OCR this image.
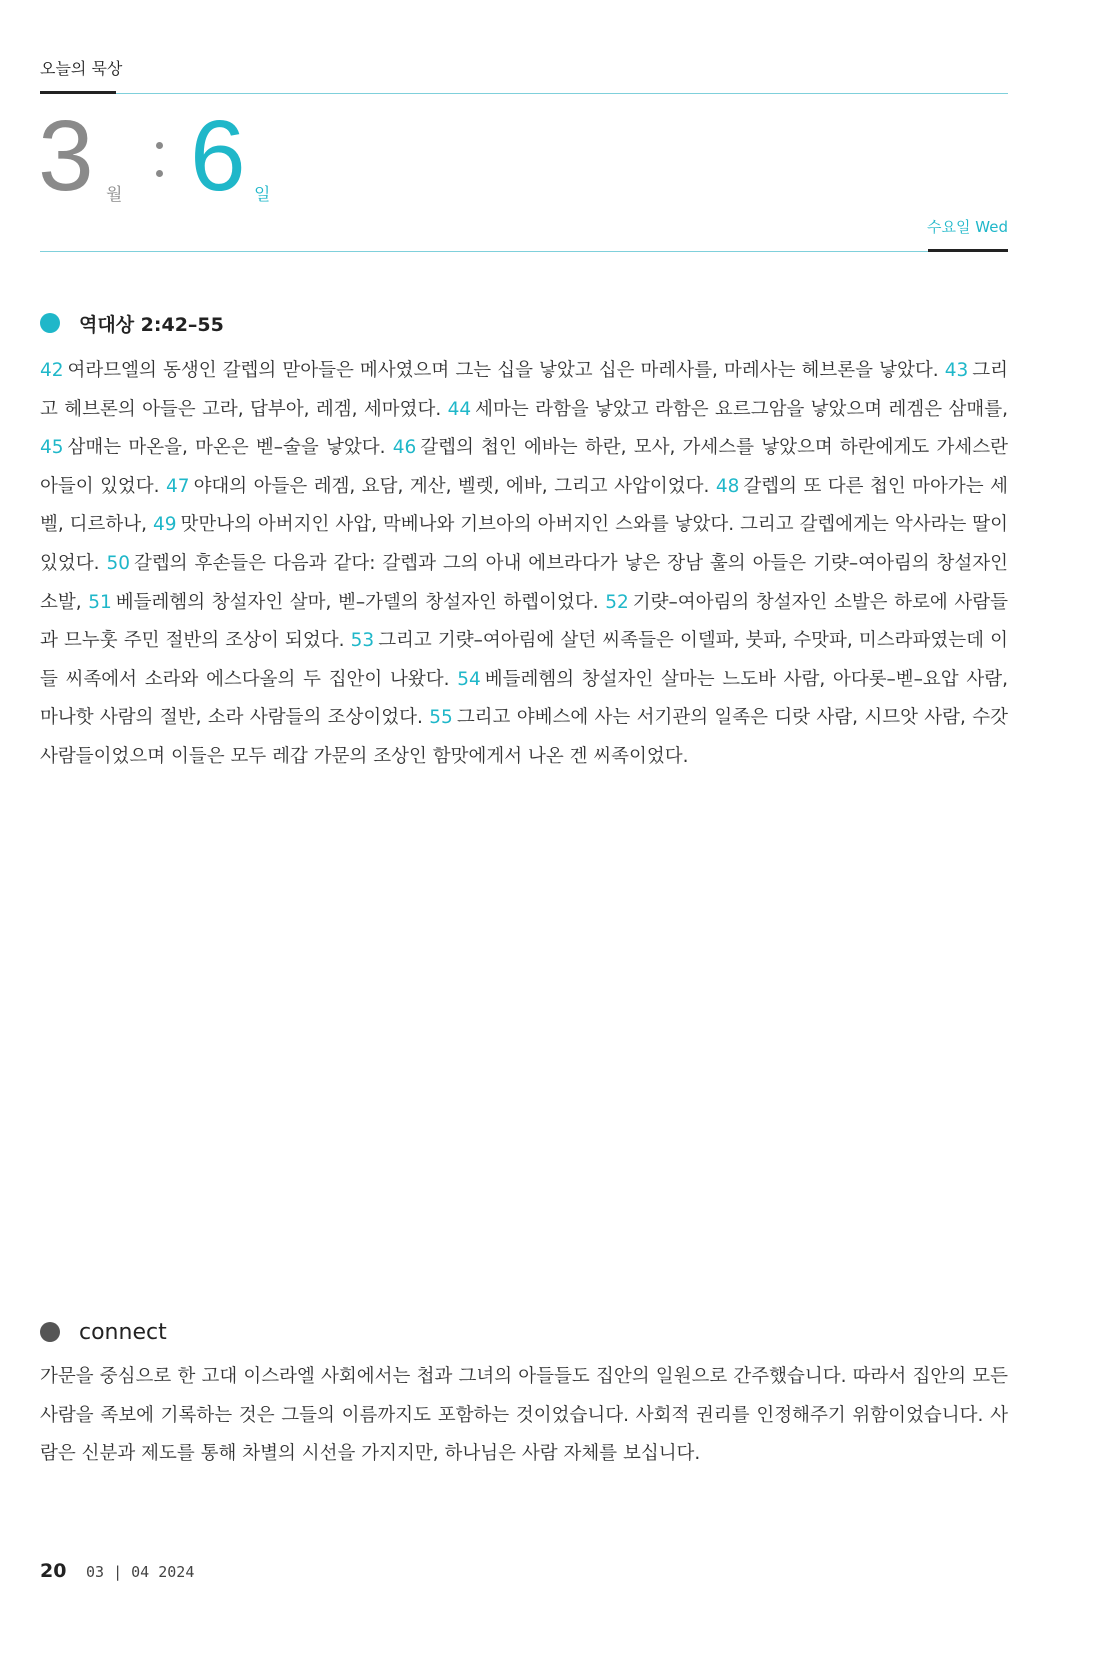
오늘의 묵상
3 월 6 일
수요일 Wed
역대상 2:42–55
42 여라므엘의 동생인 갈렙의 맏아들은 메사였으며 그는 십을 낳았고 십은 마레사를, 마레사는 헤브론을 낳았다. 43 그리고 헤브론의 아들은 고라, 답부아, 레겜, 세마였다. 44 세마는 라함을 낳았고 라함은 요르그암을 낳았으며 레겜은 삼매를, 45 삼매는 마온을, 마온은 벧–술을 낳았다. 46 갈렙의 첩인 에바는 하란, 모사, 가세스를 낳았으며 하란에게도 가세스란 아들이 있었다. 47 야대의 아들은 레겜, 요담, 게산, 벨렛, 에바, 그리고 사압이었다. 48 갈렙의 또 다른 첩인 마아가는 세벨, 디르하나, 49 맛만나의 아버지인 사압, 막베나와 기브아의 아버지인 스와를 낳았다. 그리고 갈렙에게는 악사라는 딸이 있었다. 50 갈렙의 후손들은 다음과 같다: 갈렙과 그의 아내 에브라다가 낳은 장남 훌의 아들은 기럇–여아림의 창설자인 소발, 51 베들레헴의 창설자인 살마, 벧–가델의 창설자인 하렙이었다. 52 기럇–여아림의 창설자인 소발은 하로에 사람들과 므누훗 주민 절반의 조상이 되었다. 53 그리고 기럇–여아림에 살던 씨족들은 이델파, 붓파, 수맛파, 미스라파였는데 이들 씨족에서 소라와 에스다올의 두 집안이 나왔다. 54 베들레헴의 창설자인 살마는 느도바 사람, 아다롯–벧–요압 사람, 마나핫 사람의 절반, 소라 사람들의 조상이었다. 55 그리고 야베스에 사는 서기관의 일족은 디랏 사람, 시므앗 사람, 수갓 사람들이었으며 이들은 모두 레갑 가문의 조상인 함맛에게서 나온 겐 씨족이었다.
connect
가문을 중심으로 한 고대 이스라엘 사회에서는 첩과 그녀의 아들들도 집안의 일원으로 간주했습니다. 따라서 집안의 모든 사람을 족보에 기록하는 것은 그들의 이름까지도 포함하는 것이었습니다. 사회적 권리를 인정해주기 위함이었습니다. 사람은 신분과 제도를 통해 차별의 시선을 가지지만, 하나님은 사람 자체를 보십니다.
20 03 | 04 2024
